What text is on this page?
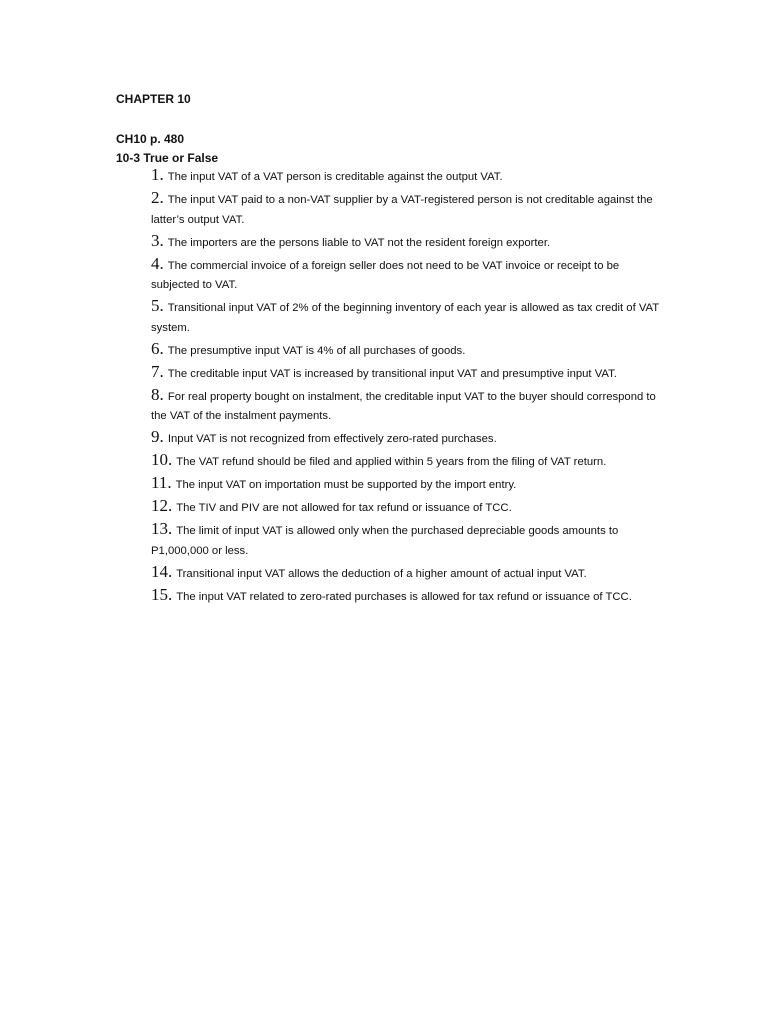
CHAPTER 10
CH10 p. 480
10-3 True or False
1. The input VAT of a VAT person is creditable against the output VAT.
2. The input VAT paid to a non-VAT supplier by a VAT-registered person is not creditable against the latter’s output VAT.
3. The importers are the persons liable to VAT not the resident foreign exporter.
4. The commercial invoice of a foreign seller does not need to be VAT invoice or receipt to be subjected to VAT.
5. Transitional input VAT of 2% of the beginning inventory of each year is allowed as tax credit of VAT system.
6. The presumptive input VAT is 4% of all purchases of goods.
7. The creditable input VAT is increased by transitional input VAT and presumptive input VAT.
8. For real property bought on instalment, the creditable input VAT to the buyer should correspond to the VAT of the instalment payments.
9. Input VAT is not recognized from effectively zero-rated purchases.
10. The VAT refund should be filed and applied within 5 years from the filing of VAT return.
11. The input VAT on importation must be supported by the import entry.
12. The TIV and PIV are not allowed for tax refund or issuance of TCC.
13. The limit of input VAT is allowed only when the purchased depreciable goods amounts to P1,000,000 or less.
14. Transitional input VAT allows the deduction of a higher amount of actual input VAT.
15. The input VAT related to zero-rated purchases is allowed for tax refund or issuance of TCC.
